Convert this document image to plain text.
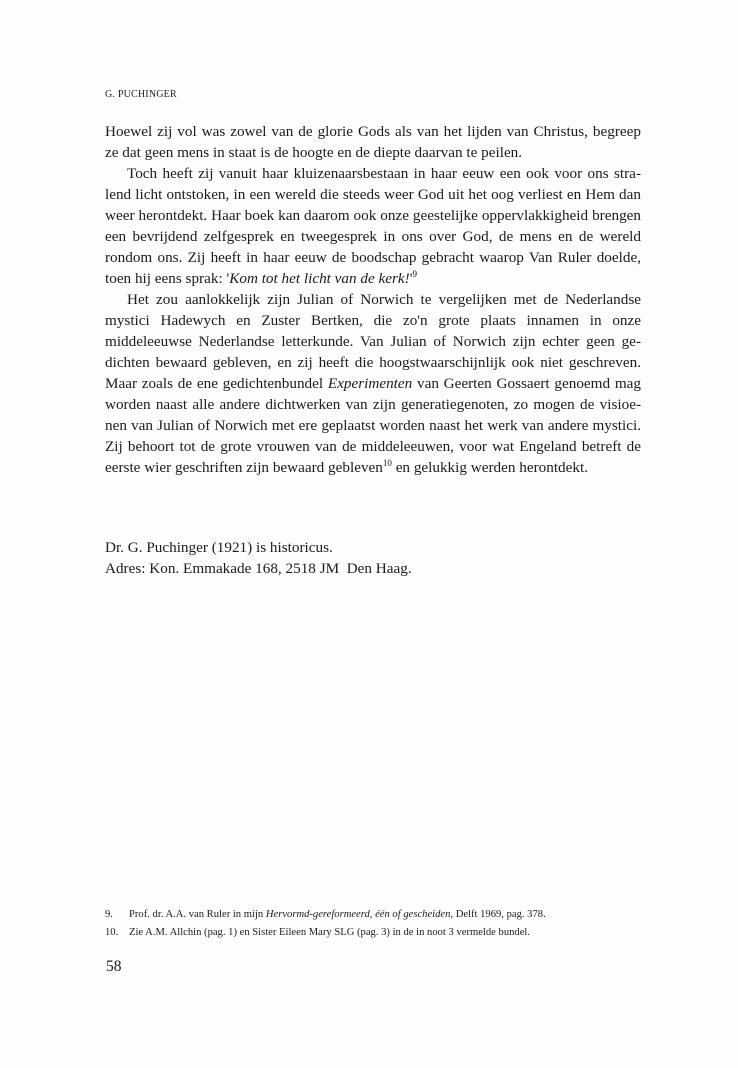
G. PUCHINGER

Hoewel zij vol was zowel van de glorie Gods als van het lijden van Christus, begreep ze dat geen mens in staat is de hoogte en de diepte daarvan te peilen.

Toch heeft zij vanuit haar kluizenaarsbestaan in haar eeuw een ook voor ons stralend licht ontstoken, in een wereld die steeds weer God uit het oog verliest en Hem dan weer herontdekt. Haar boek kan daarom ook onze geestelijke oppervlakkigheid brengen een bevrijdend zelfgesprek en tweegesprek in ons over God, de mens en de wereld rondom ons. Zij heeft in haar eeuw de boodschap gebracht waarop Van Ruler doelde, toen hij eens sprak: 'Kom tot het licht van de $kerk!'^9$

Het zou aanlokkelijk zijn Julian of Norwich te vergelijken met de Nederlandse mystici Hadewych en Zuster Bertken, die zo'n grote plaats innamen in onze middeleeuwse Nederlandse letterkunde. Van Julian of Norwich zijn echter geen gedichten bewaard gebleven, en zij heeft die hoogstwaarschijnlijk ook niet geschreven. Maar zoals de ene gedichtenbundel Experimenten van Geerten Gossaert genoemd mag worden naast alle andere dichtwerken van zijn generatiegenoten, zo mogen de visioenen van Julian of Norwich met ere geplaatst worden naast het werk van andere mystici. Zij behoort tot de grote vrouwen van de middeleeuwen, voor wat Engeland betreft de eerste wier geschriften zijn bewaard gebleven$^{10}$ en gelukkig werden herontdekt.

Dr. G. Puchinger (1921) is historicus.
Adres: Kon. Emmakade 168, 2518 JM  Den Haag.
9. Prof. dr. A.A. van Ruler in mijn Hervormd-gereformeerd, één of gescheiden, Delft 1969, pag. 378.
10. Zie A.M. Allchin (pag. 1) en Sister Eileen Mary SLG (pag. 3) in de in noot 3 vermelde bundel.
58
